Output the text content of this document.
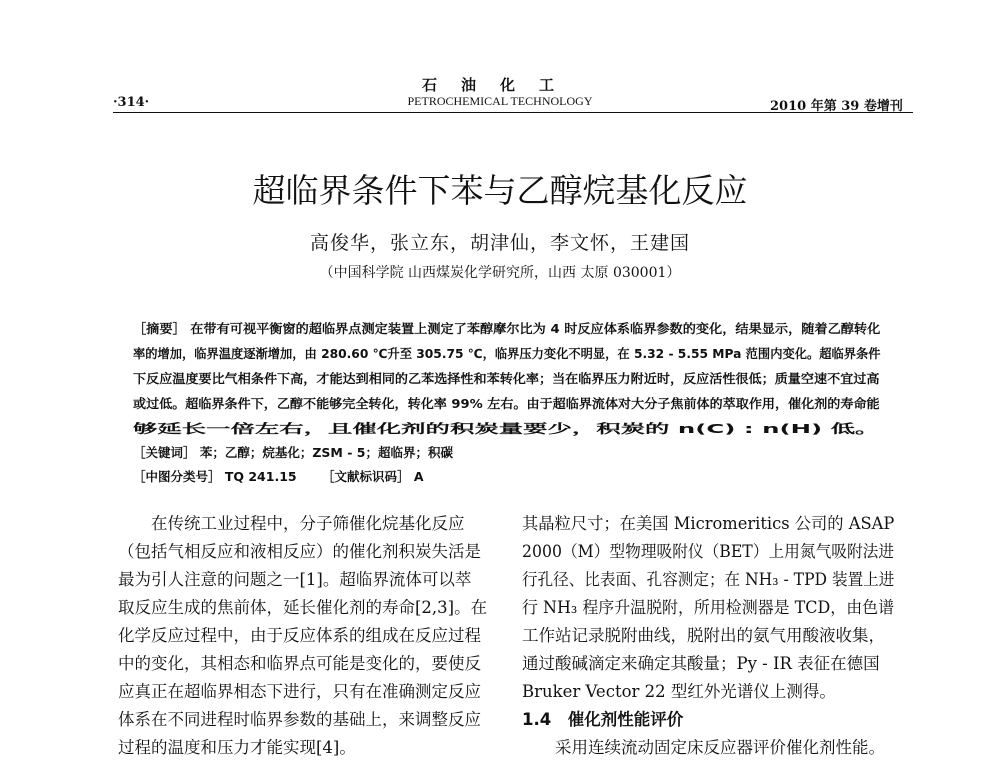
石油化工
·314·	PETROCHEMICAL TECHNOLOGY	2010 年第 39 卷增刊
超临界条件下苯与乙醇烷基化反应
高俊华，张立东，胡津仙，李文怀，王建国
（中国科学院 山西煤炭化学研究所，山西 太原 030001）
［摘要］ 在带有可视平衡窗的超临界点测定装置上测定了苯醇摩尔比为 4 时反应体系临界参数的变化，结果显示，随着乙醇转化
率的增加，临界温度逐渐增加，由 280.60 ℃升至 305.75 ℃，临界压力变化不明显，在 5.32 - 5.55 MPa 范围内变化。超临界条件
下反应温度要比气相条件下高，才能达到相同的乙苯选择性和苯转化率；当在临界压力附近时，反应活性很低；质量空速不宜过高
或过低。超临界条件下，乙醇不能够完全转化，转化率 99% 左右。由于超临界流体对大分子焦前体的萃取作用，催化剂的寿命能
够延长一倍左右，且催化剂的积炭量要少，积炭的 n(C) : n(H) 低。
［关键词］ 苯；乙醇；烷基化；ZSM - 5；超临界；积碳
［中图分类号］ TQ 241.15 ［文献标识码］ A
　　在传统工业过程中，分子筛催化烷基化反应
（包括气相反应和液相反应）的催化剂积炭失活是
最为引人注意的问题之一[1]。超临界流体可以萃
取反应生成的焦前体，延长催化剂的寿命[2,3]。在
化学反应过程中，由于反应体系的组成在反应过程
中的变化，其相态和临界点可能是变化的，要使反
应真正在超临界相态下进行，只有在准确测定反应
体系在不同进程时临界参数的基础上，来调整反应
过程的温度和压力才能实现[4]。
其晶粒尺寸；在美国 Micromeritics 公司的 ASAP
2000（M）型物理吸附仪（BET）上用氮气吸附法进
行孔径、比表面、孔容测定；在 NH₃ - TPD 装置上进
行 NH₃ 程序升温脱附，所用检测器是 TCD，由色谱
工作站记录脱附曲线，脱附出的氨气用酸液收集，
通过酸碱滴定来确定其酸量；Py - IR 表征在德国
Bruker Vector 22 型红外光谱仪上测得。
1.4　催化剂性能评价
　　采用连续流动固定床反应器评价催化剂性能。
